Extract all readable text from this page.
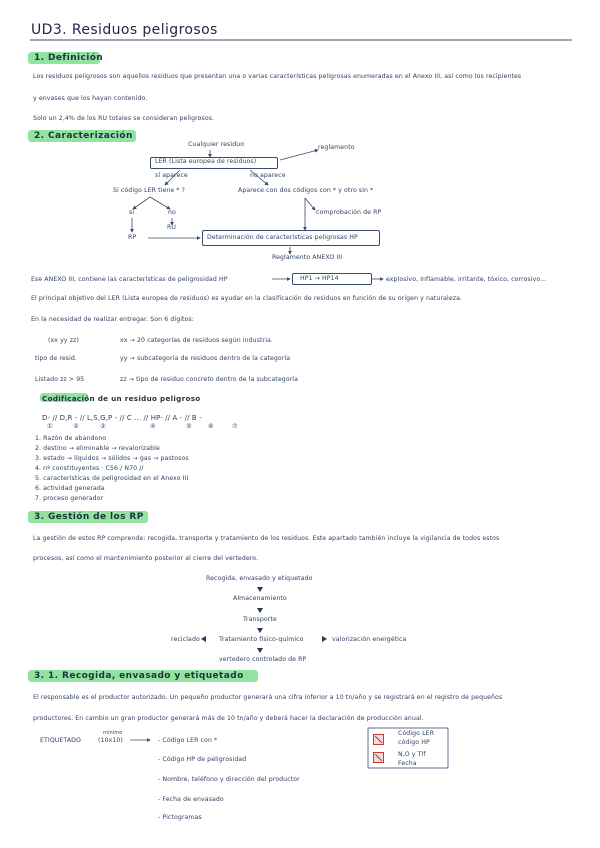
UD3. Residuos peligrosos
1. Definición
Los residuos peligrosos son aquellos residuos que presentan una o varias características peligrosas enumeradas en el Anexo III, así como los recipientes
y envases que los hayan contenido.
Solo un 2,4% de los RU totales se consideran peligrosos.
2. Caracterización
Cualquier residuo	reglamento
LER (Lista europea de residuos)
sí aparece	no aparece
Si código LER tiene * ?	Aparece con dos códigos con * y otro sin *
sí	no	comprobación de RP
RU
RP	Determinación de características peligrosas HP
Reglamento ANEXO III
Ese ANEXO III, contiene las características de peligrosidad HP	HP1 → HP14	explosivo, inflamable, irritante, tóxico, corrosivo...
El principal objetivo del LER (Lista europea de residuos) es ayudar en la clasificación de residuos en función de su origen y naturaleza.
En la necesidad de realizar entregar. Son 6 dígitos:
(xx yy zz)	xx → 20 categorías de residuos según industria.
tipo de resid.	yy → subcategoría de residuos dentro de la categoría
Listado zz > 95	zz → tipo de residuo concreto dentro de la subcategoría
Codificación de un residuo peligroso
D- // D,R - // L,S,G,P - // C ... // HP- // A - // B -
①	②	③	④	⑤	⑥	⑦
1. Razón de abandono
2. destino → eliminable → revalorizable
3. estado → líquidos → sólidos → gas → pastosos
4. nº constituyentes · C56 / N70 //
5. características de peligrosidad en el Anexo III
6. actividad generada
7. proceso generador
3. Gestión de los RP
La gestión de estos RP comprende: recogida, transporte y tratamiento de los residuos. Este apartado también incluye la vigilancia de todos estos
procesos, así como el mantenimiento posterior al cierre del vertedero.
Recogida, envasado y etiquetado
Almacenamiento
Transporte
reciclado	Tratamiento físico-químico	valorización energética
vertedero controlado de RP
3. 1. Recogida, envasado y etiquetado
El responsable es el productor autorizado. Un pequeño productor generará una cifra inferior a 10 tn/año y se registrará en el registro de pequeños
productores. En cambio un gran productor generará más de 10 tn/año y deberá hacer la declaración de producción anual.
ETIQUETADO
mínimo
(10x10)	- Código LER con *
- Código HP de peligrosidad
- Nombre, teléfono y dirección del productor
- Fecha de envasado
- Pictogramas
Código LER
código HP
N,O y Tlf
Fecha
